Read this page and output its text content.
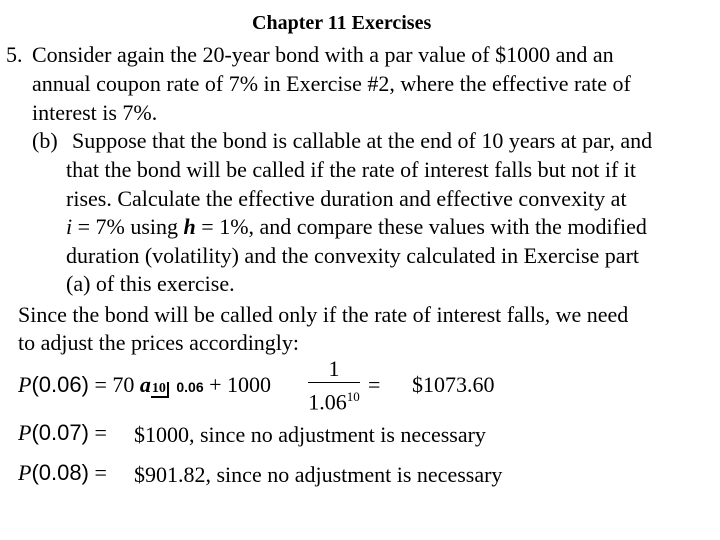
Chapter 11 Exercises
5. Consider again the 20-year bond with a par value of $1000 and an
annual coupon rate of 7% in Exercise #2, where the effective rate of
interest is 7%.
(b) Suppose that the bond is callable at the end of 10 years at par, and
that the bond will be called if the rate of interest falls but not if it
rises. Calculate the effective duration and effective convexity at
i = 7% using h = 1%, and compare these values with the modified
duration (volatility) and the convexity calculated in Exercise part
(a) of this exercise.
Since the bond will be called only if the rate of interest falls, we need
to adjust the prices accordingly:
P(0.06) = 70 a10 0.06 + 1000
1
$1.06^{10}$ = $1073.60
P(0.07) = $1000, since no adjustment is necessary
P(0.08) = $901.82, since no adjustment is necessary
